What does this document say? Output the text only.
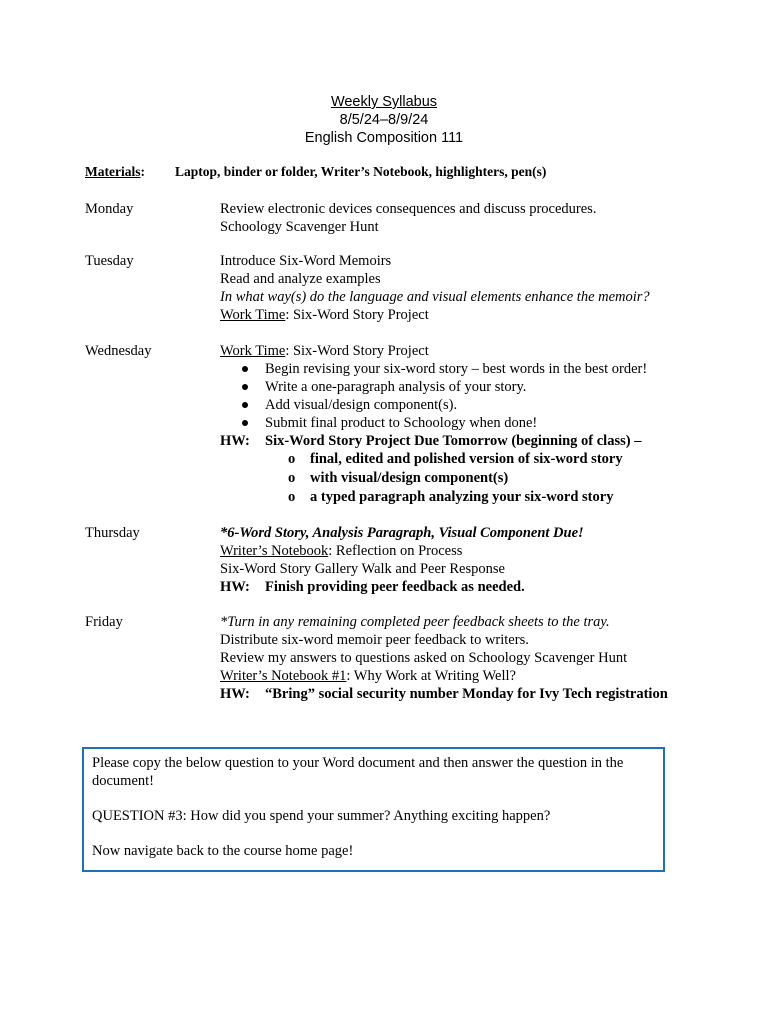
Weekly Syllabus
8/5/24–8/9/24
English Composition 111
Materials: Laptop, binder or folder, Writer’s Notebook, highlighters, pen(s)
Monday	Review electronic devices consequences and discuss procedures.
Schoology Scavenger Hunt
Tuesday	Introduce Six-Word Memoirs
Read and analyze examples
In what way(s) do the language and visual elements enhance the memoir?
Work Time: Six-Word Story Project
Wednesday	Work Time: Six-Word Story Project
Begin revising your six-word story – best words in the best order!
Write a one-paragraph analysis of your story.
Add visual/design component(s).
Submit final product to Schoology when done!
HW: Six-Word Story Project Due Tomorrow (beginning of class) –
o final, edited and polished version of six-word story
o with visual/design component(s)
o a typed paragraph analyzing your six-word story
Thursday	*6-Word Story, Analysis Paragraph, Visual Component Due!
Writer’s Notebook: Reflection on Process
Six-Word Story Gallery Walk and Peer Response
HW: Finish providing peer feedback as needed.
Friday	*Turn in any remaining completed peer feedback sheets to the tray.
Distribute six-word memoir peer feedback to writers.
Review my answers to questions asked on Schoology Scavenger Hunt
Writer’s Notebook #1: Why Work at Writing Well?
HW: “Bring” social security number Monday for Ivy Tech registration

Please copy the below question to your Word document and then answer the question in the document!

QUESTION #3: How did you spend your summer? Anything exciting happen?

Now navigate back to the course home page!
